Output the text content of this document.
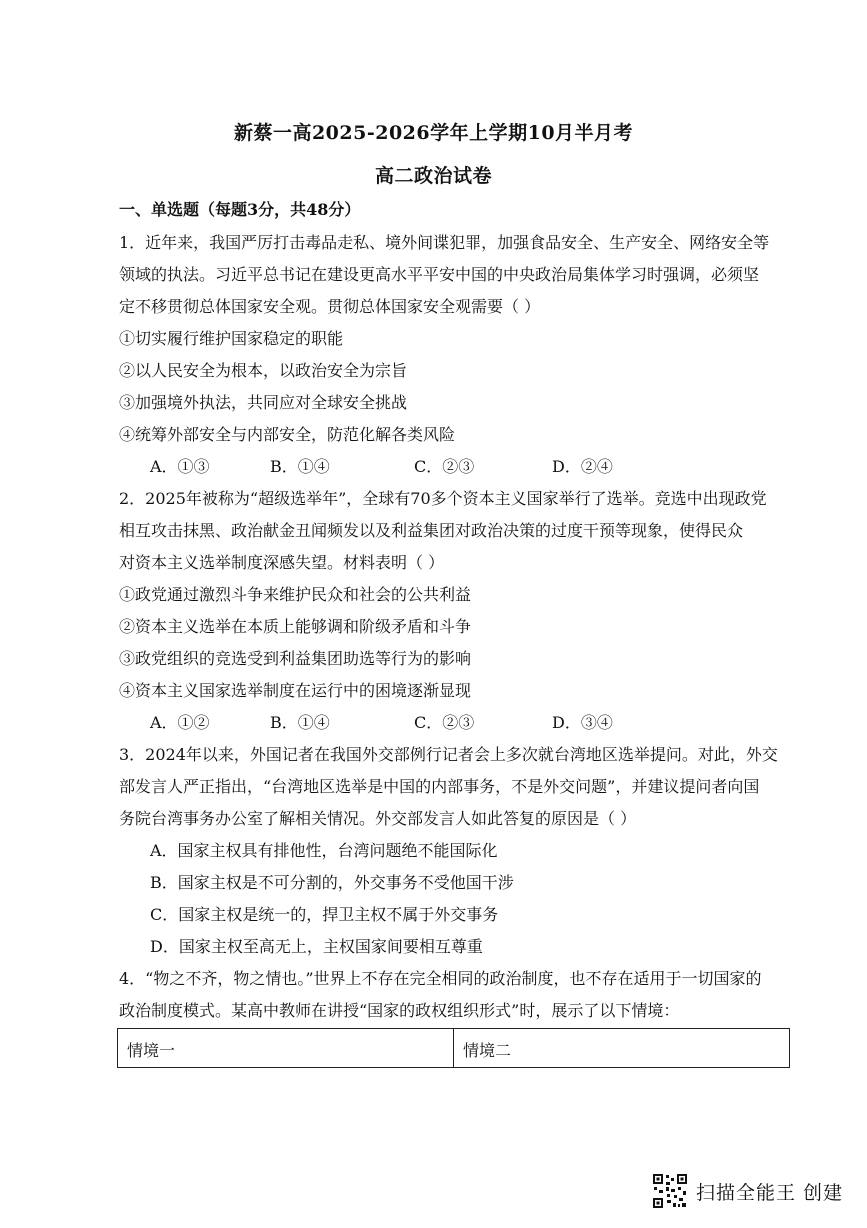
新蔡一高2025-2026学年上学期10月半月考
高二政治试卷
一、单选题（每题3分，共48分）
1．近年来，我国严厉打击毒品走私、境外间谍犯罪，加强食品安全、生产安全、网络安全等
领域的执法。习近平总书记在建设更高水平平安中国的中央政治局集体学习时强调，必须坚
定不移贯彻总体国家安全观。贯彻总体国家安全观需要（ ）
①切实履行维护国家稳定的职能
②以人民安全为根本，以政治安全为宗旨
③加强境外执法，共同应对全球安全挑战
④统筹外部安全与内部安全，防范化解各类风险
A．①③	B．①④	C．②③	D．②④
2．2025年被称为“超级选举年”，全球有70多个资本主义国家举行了选举。竞选中出现政党
相互攻击抹黑、政治献金丑闻频发以及利益集团对政治决策的过度干预等现象，使得民众
对资本主义选举制度深感失望。材料表明（ ）
①政党通过激烈斗争来维护民众和社会的公共利益
②资本主义选举在本质上能够调和阶级矛盾和斗争
③政党组织的竞选受到利益集团助选等行为的影响
④资本主义国家选举制度在运行中的困境逐渐显现
A．①②	B．①④	C．②③	D．③④
3．2024年以来，外国记者在我国外交部例行记者会上多次就台湾地区选举提问。对此，外交
部发言人严正指出，“台湾地区选举是中国的内部事务，不是外交问题”，并建议提问者向国
务院台湾事务办公室了解相关情况。外交部发言人如此答复的原因是（ ）
A．国家主权具有排他性，台湾问题绝不能国际化
B．国家主权是不可分割的，外交事务不受他国干涉
C．国家主权是统一的，捍卫主权不属于外交事务
D．国家主权至高无上，主权国家间要相互尊重
4．“物之不齐，物之情也。”世界上不存在完全相同的政治制度，也不存在适用于一切国家的
政治制度模式。某高中教师在讲授“国家的政权组织形式”时，展示了以下情境：
情境一	情境二
扫描全能王 创建
